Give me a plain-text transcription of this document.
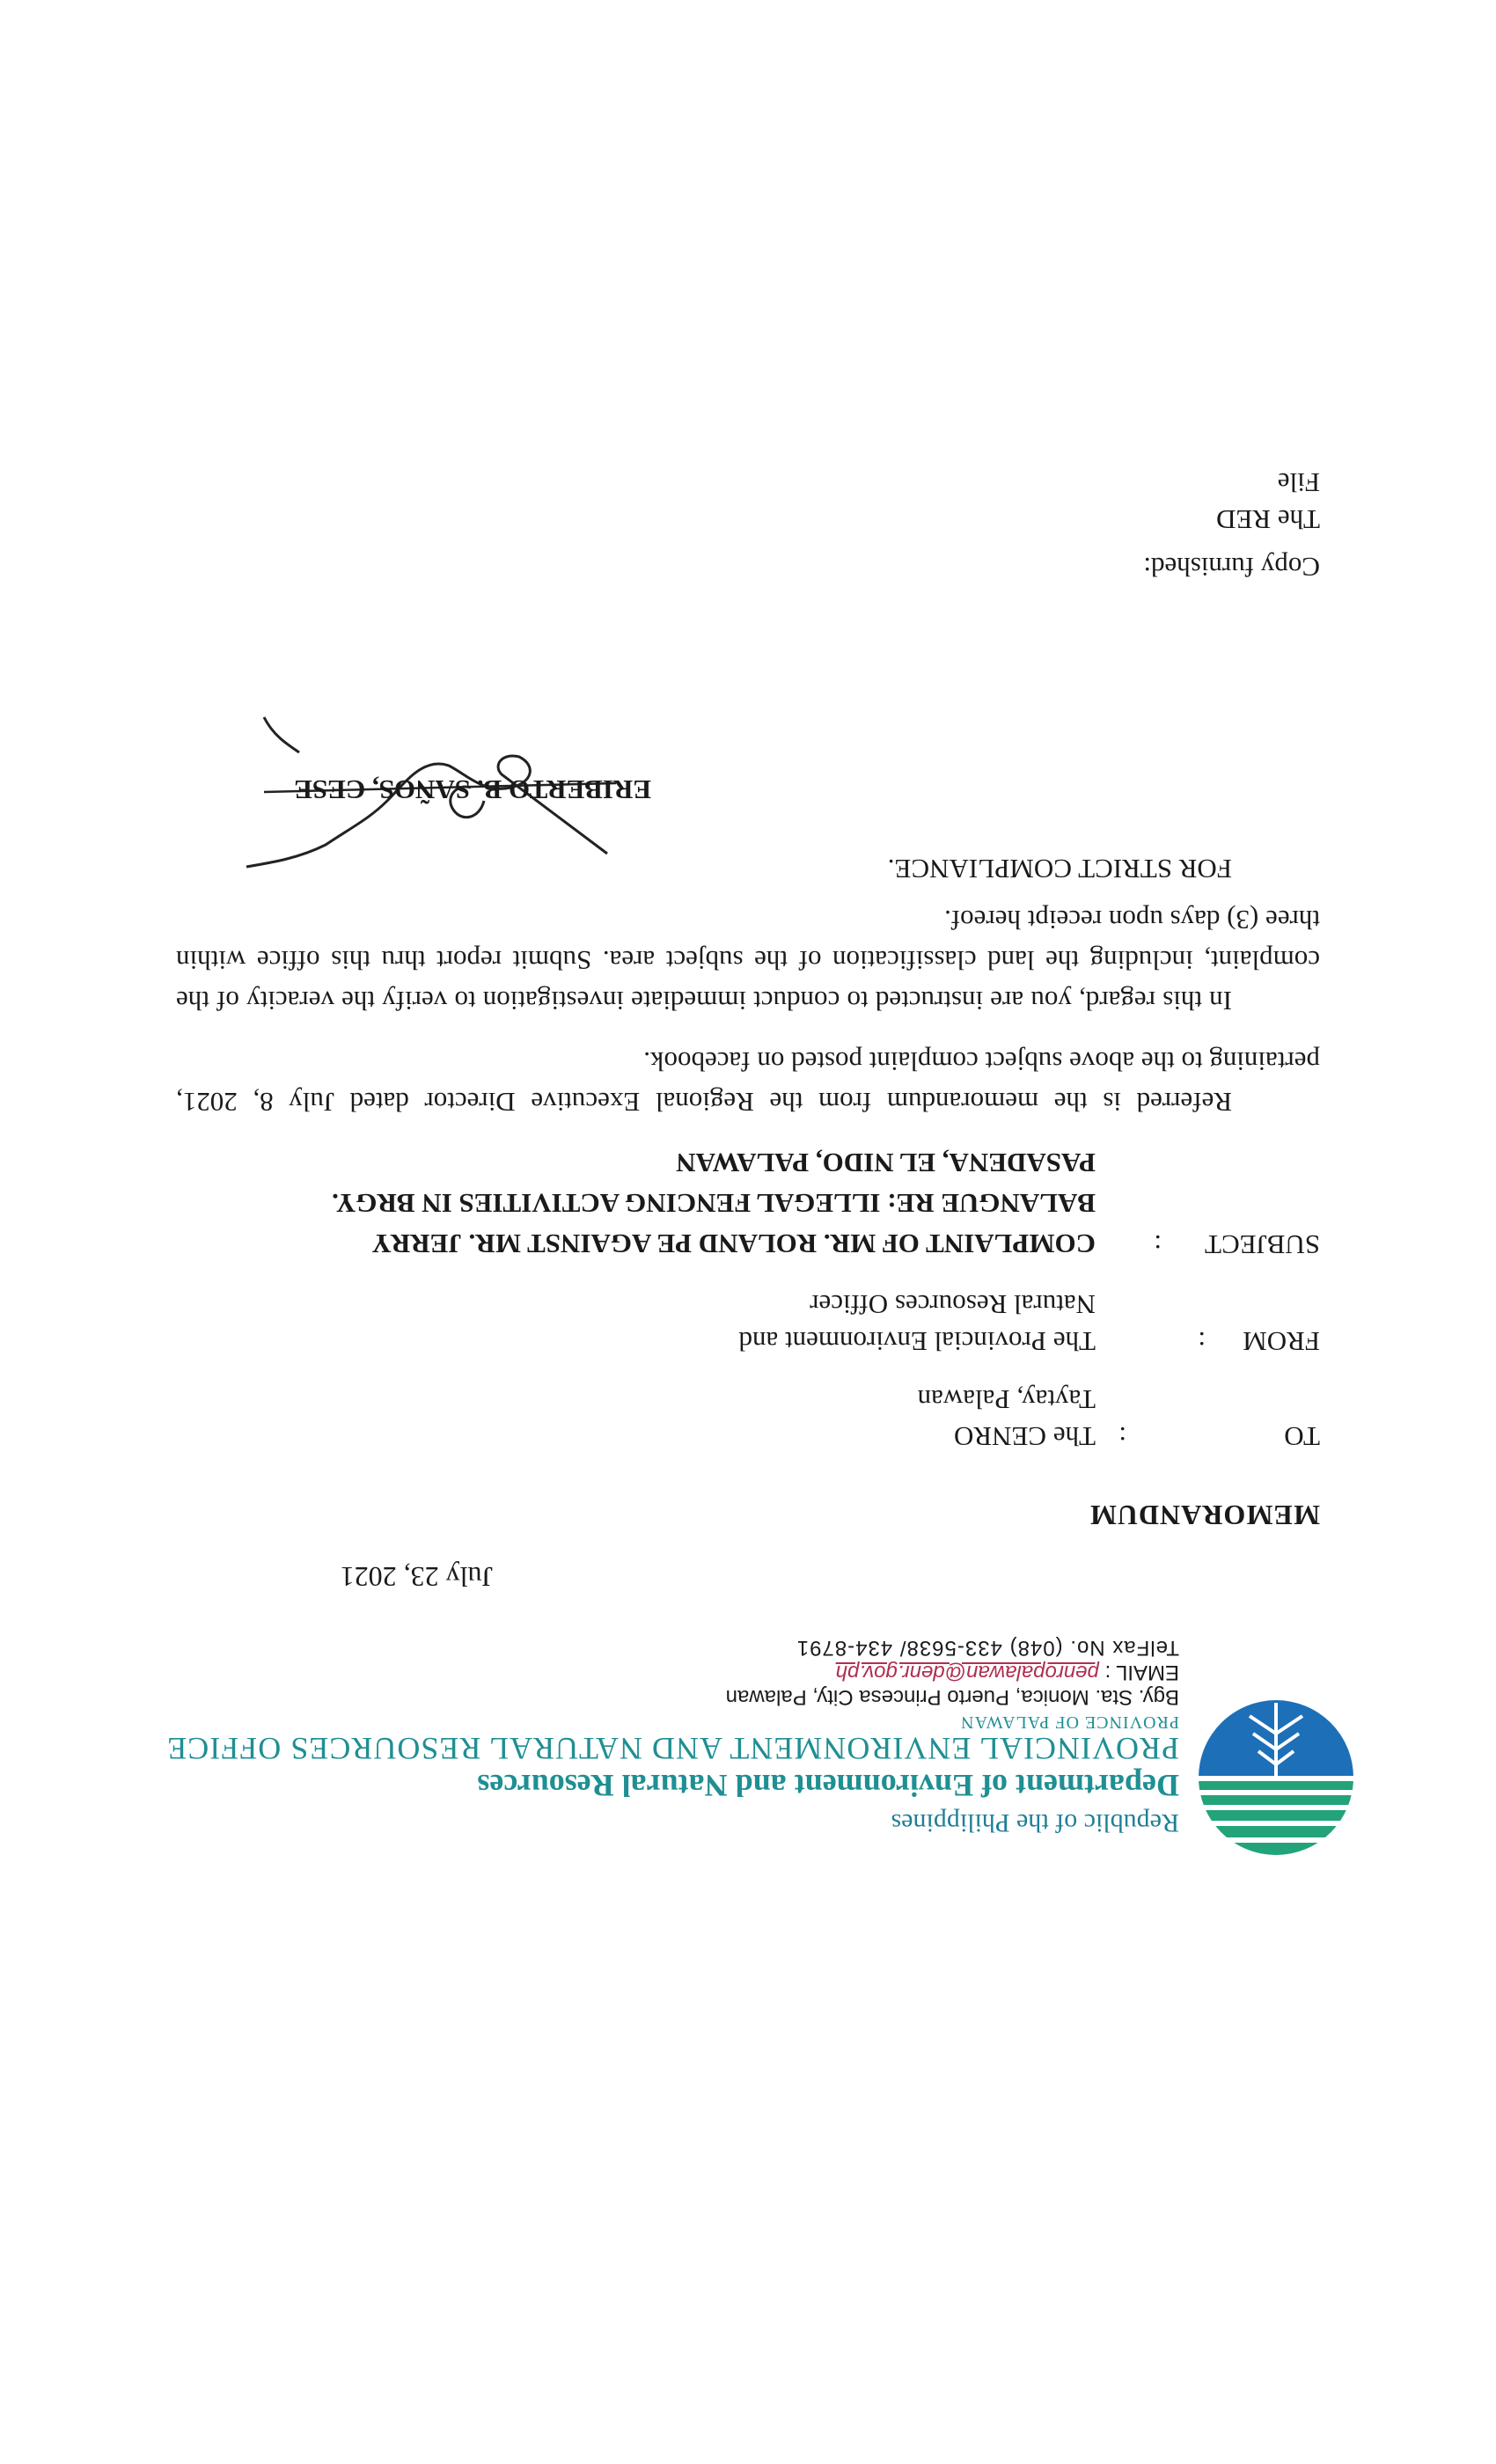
Republic of the Philippines
Department of Environment and Natural Resources
PROVINCIAL ENVIRONMENT AND NATURAL RESOURCES OFFICE
PROVINCE OF PALAWAN
Bgy. Sta. Monica, Puerto Princesa City, Palawan
EMAIL : penropalawan@denr.gov.ph
TelFax No. (048) 433-5638/ 434-8791
July 23, 2021
MEMORANDUM
TO
:
The CENRO
Taytay, Palawan
FROM
:
The Provincial Environment and
Natural Resources Officer
SUBJECT
:
COMPLAINT OF MR. ROLAND PE AGAINST MR. JERRY
BALANGUE RE: ILLEGAL FENCING ACTIVITIES IN BRGY.
PASADENA, EL NIDO, PALAWAN
Referred is the memorandum from the Regional Executive Director dated July 8, 2021, pertaining to the above subject complaint posted on facebook.
In this regard, you are instructed to conduct immediate investigation to verify the veracity of the complaint, including the land classification of the subject area. Submit report thru this office within three (3) days upon receipt hereof.
FOR STRICT COMPLIANCE.
ERIBERTO B. SAÑOS, CESE
Copy furnished:
The RED
File
